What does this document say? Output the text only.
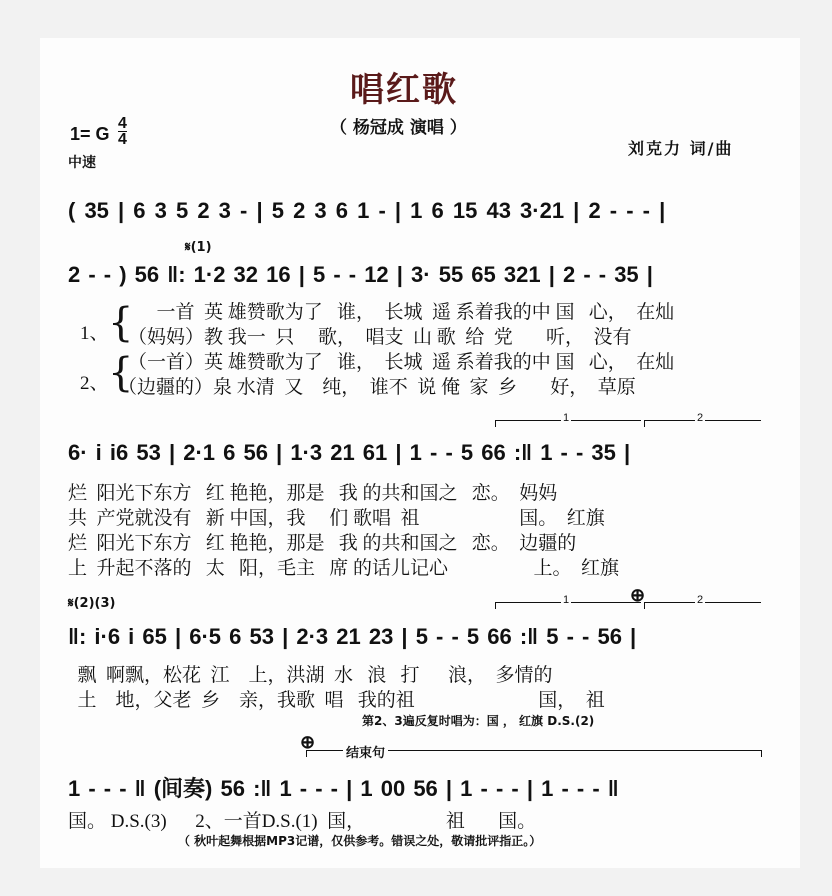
唱红歌
（ 杨冠成 演唱 ）
1= G
4
4
中速
刘克力 词/曲
( 35 | 6 3 5 2 3 - | 5 2 3 6 1 - | 1 6 15 43 3·21 | 2 - - - |
𝄋(1)
2 - - ) 56 ‖: 1·2 32 16 | 5 - - 12 | 3· 55 65 321 | 2 - - 35 |
1、
2、
{
{
一首  英 雄赞歌为了   谁，  长城  遥 系着我的中 国   心，  在灿
（妈妈）教 我一  只     歌，  唱支  山 歌  给  党       听，  没有
（一首）英 雄赞歌为了   谁，  长城  遥 系着我的中 国   心，  在灿
（边疆的）泉 水清  又    纯，  谁不  说 俺  家  乡       好，  草原
1	2
6· i i6 53 | 2·1 6 56 | 1·3 21 61 | 1 - - 5 66 :‖ 1 - - 35 |
烂  阳光下东方   红 艳艳，那是   我 的共和国之   恋。  妈妈
共  产党就没有   新 中国，我     们 歌唱  祖                     国。  红旗
烂  阳光下东方   红 艳艳，那是   我 的共和国之   恋。  边疆的
上  升起不落的   太   阳，毛主   席 的话儿记心                  上。  红旗
𝄋(2)(3)	⊕
1	2
‖: i·6 i 65 | 6·5 6 53 | 2·3 21 23 | 5 - - 5 66 :‖ 5 - - 56 |
飘  啊飘，松花  江    上，洪湖  水   浪   打      浪，  多情的
土    地，父老  乡    亲，我歌  唱   我的祖                          国，  祖
第2、3遍反复时唱为：国 ， 红旗 D.S.(2)
⊕
结束句
1 - - - ‖ (间奏) 56 :‖ 1 - - - | 1 00 56 | 1 - - - | 1 - - - ‖
国。 D.S.(3)      2、一首D.S.(1)  国，                 祖       国。
（ 秋叶起舞根据MP3记谱，仅供参考。错误之处，敬请批评指正。）
